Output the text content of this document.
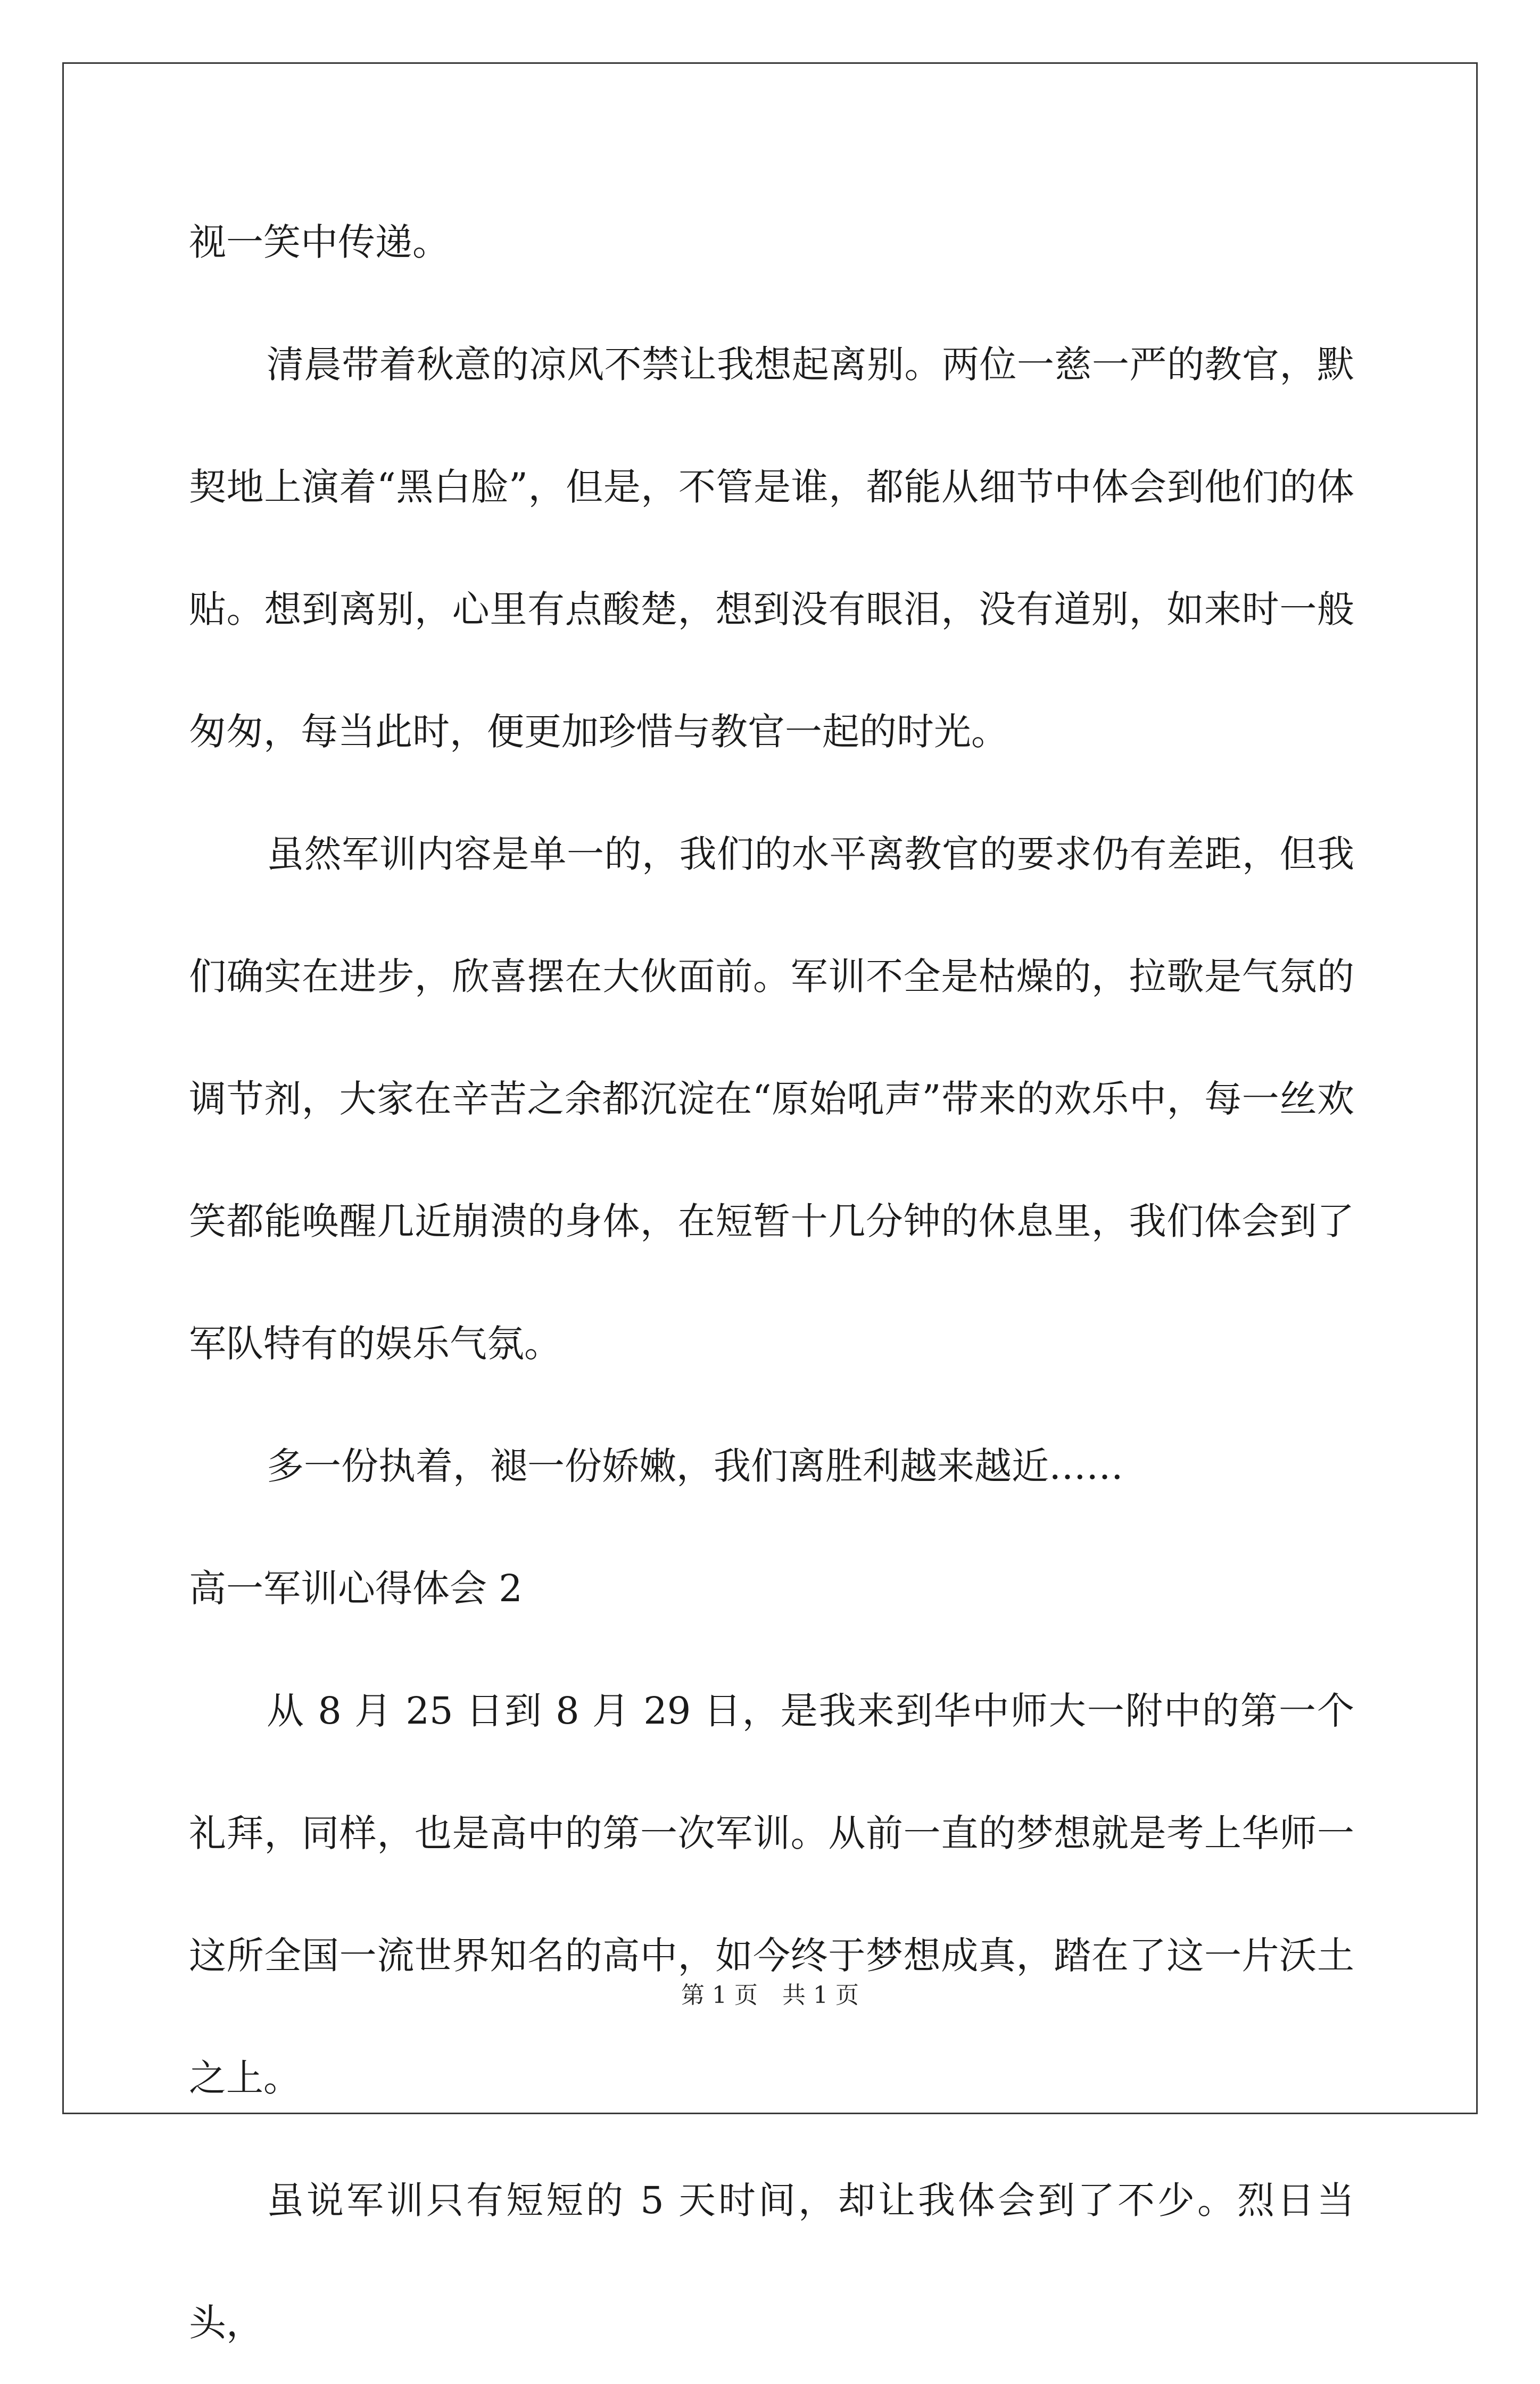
视一笑中传递。

清晨带着秋意的凉风不禁让我想起离别。两位一慈一严的教官，默契地上演着“黑白脸”，但是，不管是谁，都能从细节中体会到他们的体贴。想到离别，心里有点酸楚，想到没有眼泪，没有道别，如来时一般匆匆，每当此时，便更加珍惜与教官一起的时光。

虽然军训内容是单一的，我们的水平离教官的要求仍有差距，但我们确实在进步，欣喜摆在大伙面前。军训不全是枯燥的，拉歌是气氛的调节剂，大家在辛苦之余都沉淀在“原始吼声”带来的欢乐中，每一丝欢笑都能唤醒几近崩溃的身体，在短暂十几分钟的休息里，我们体会到了军队特有的娱乐气氛。

多一份执着，褪一份娇嫩，我们离胜利越来越近……

高一军训心得体会 2

从 8 月 25 日到 8 月 29 日，是我来到华中师大一附中的第一个礼拜，同样，也是高中的第一次军训。从前一直的梦想就是考上华师一这所全国一流世界知名的高中，如今终于梦想成真，踏在了这一片沃土之上。

虽说军训只有短短的 5 天时间，却让我体会到了不少。烈日当头，

第 1 页 共 1 页
